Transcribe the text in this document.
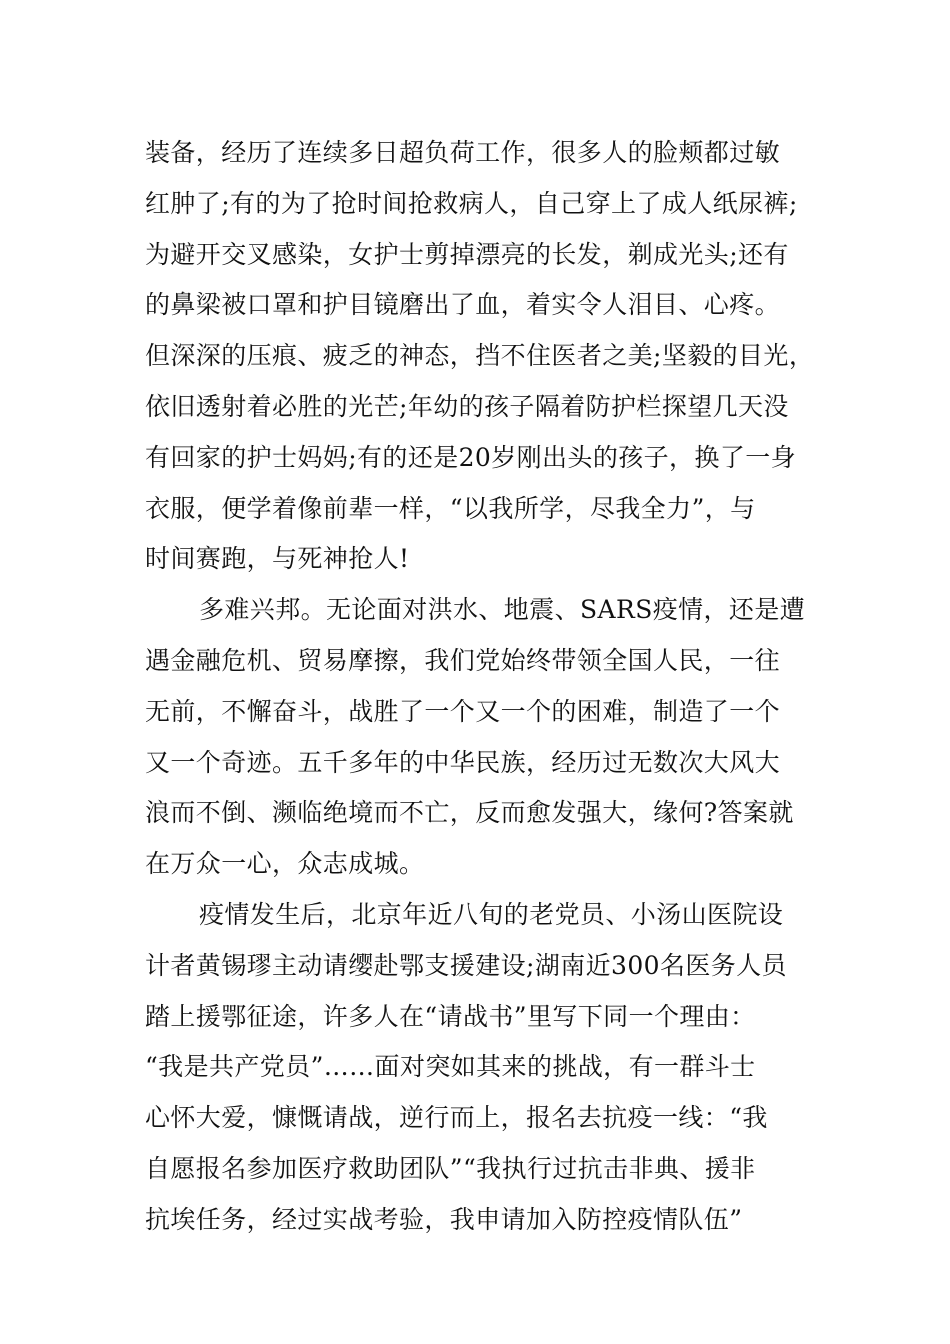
装备，经历了连续多日超负荷工作，很多人的脸颊都过敏
红肿了;有的为了抢时间抢救病人，自己穿上了成人纸尿裤;
为避开交叉感染，女护士剪掉漂亮的长发，剃成光头;还有
的鼻梁被口罩和护目镜磨出了血，着实令人泪目、心疼。
但深深的压痕、疲乏的神态，挡不住医者之美;坚毅的目光，
依旧透射着必胜的光芒;年幼的孩子隔着防护栏探望几天没
有回家的护士妈妈;有的还是20岁刚出头的孩子，换了一身
衣服，便学着像前辈一样，“以我所学，尽我全力”，与
时间赛跑，与死神抢人!
多难兴邦。无论面对洪水、地震、SARS疫情，还是遭
遇金融危机、贸易摩擦，我们党始终带领全国人民，一往
无前，不懈奋斗，战胜了一个又一个的困难，制造了一个
又一个奇迹。五千多年的中华民族，经历过无数次大风大
浪而不倒、濒临绝境而不亡，反而愈发强大，缘何?答案就
在万众一心，众志成城。
疫情发生后，北京年近八旬的老党员、小汤山医院设
计者黄锡璆主动请缨赴鄂支援建设;湖南近300名医务人员
踏上援鄂征途，许多人在“请战书”里写下同一个理由：
“我是共产党员”……面对突如其来的挑战，有一群斗士
心怀大爱，慷慨请战，逆行而上，报名去抗疫一线：“我
自愿报名参加医疗救助团队”“我执行过抗击非典、援非
抗埃任务，经过实战考验，我申请加入防控疫情队伍”
